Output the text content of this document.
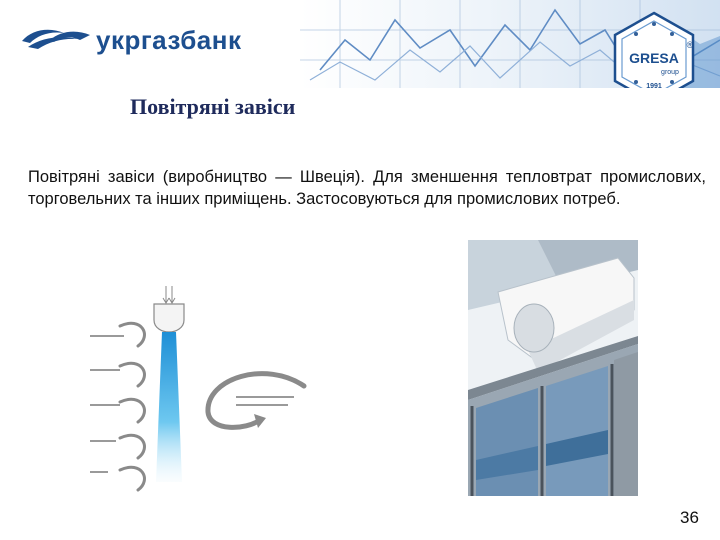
укргазбанк
GRESA
®
group
1991
Повітряні завіси
Повітряні завіси (виробництво — Швеція). Для зменшення тепловтрат промислових, торговельних та інших приміщень. Застосовуються для промислових потреб.
36
